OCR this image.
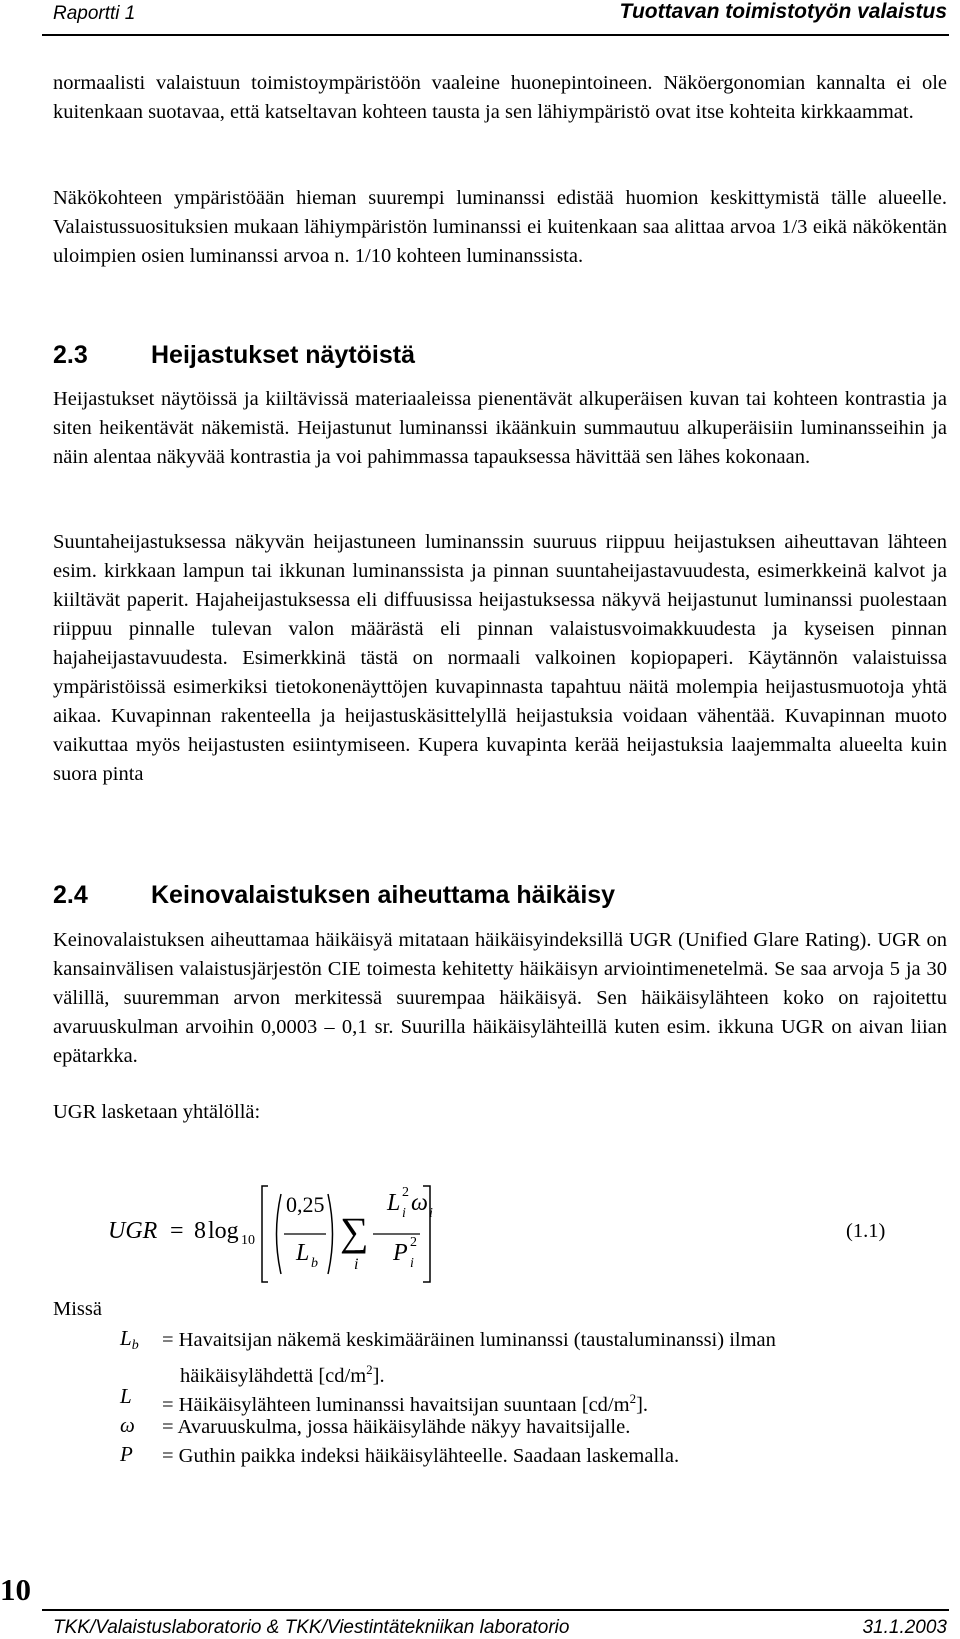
Raportti 1	Tuottavan toimistotyön valaistus

normaalisti valaistuun toimistoympäristöön vaaleine huonepintoineen. Näköergonomian kannalta ei ole kuitenkaan suotavaa, että katseltavan kohteen tausta ja sen lähiympäristö ovat itse kohteita kirkkaammat.

Näkökohteen ympäristöään hieman suurempi luminanssi edistää huomion keskittymistä tälle alueelle. Valaistussuosituksien mukaan lähiympäristön luminanssi ei kuitenkaan saa alittaa arvoa 1/3 eikä näkökentän uloimpien osien luminanssi arvoa n. 1/10 kohteen luminanssista.

2.3	Heijastukset näytöistä

Heijastukset näytöissä ja kiiltävissä materiaaleissa pienentävät alkuperäisen kuvan tai kohteen kontrastia ja siten heikentävät näkemistä. Heijastunut luminanssi ikäänkuin summautuu alkuperäisiin luminansseihin ja näin alentaa näkyvää kontrastia ja voi pahimmassa tapauksessa hävittää sen lähes kokonaan.

Suuntaheijastuksessa näkyvän heijastuneen luminanssin suuruus riippuu heijastuksen aiheuttavan lähteen esim. kirkkaan lampun tai ikkunan luminanssista ja pinnan suuntaheijastavuudesta, esimerkkeinä kalvot ja kiiltävät paperit. Hajaheijastuksessa eli diffuusissa heijastuksessa näkyvä heijastunut luminanssi puolestaan riippuu pinnalle tulevan valon määrästä eli pinnan valaistusvoimakkuudesta ja kyseisen pinnan hajaheijastavuudesta. Esimerkkinä tästä on normaali valkoinen kopiopaperi. Käytännön valaistuissa ympäristöissä esimerkiksi tietokonenäyttöjen kuvapinnasta tapahtuu näitä molempia heijastusmuotoja yhtä aikaa. Kuvapinnan rakenteella ja heijastuskäsittelyllä heijastuksia voidaan vähentää. Kuvapinnan muoto vaikuttaa myös heijastusten esiintymiseen. Kupera kuvapinta kerää heijastuksia laajemmalta alueelta kuin suora pinta

2.4	Keinovalaistuksen aiheuttama häikäisy

Keinovalaistuksen aiheuttamaa häikäisyä mitataan häikäisyindeksillä UGR (Unified Glare Rating). UGR on kansainvälisen valaistusjärjestön CIE toimesta kehitetty häikäisyn arviointimenetelmä. Se saa arvoja 5 ja 30 välillä, suuremman arvon merkitessä suurempaa häikäisyä. Sen häikäisylähteen koko on rajoitettu avaruuskulman arvoihin 0,0003 – 0,1 sr. Suurilla häikäisylähteillä kuten esim. ikkuna UGR on aivan liian epätarkka.

UGR lasketaan yhtälöllä:

UGR = 8 log 10
0,25
L b
∑
i
L 2
i ω i
P 2
i
(1.1)
Missä
Lb = Havaitsijan näkemä keskimääräinen luminanssi (taustaluminanssi) ilman
häikäisylähdettä $[cd/m^2]$.
L = Häikäisylähteen luminanssi havaitsijan suuntaan $[cd/m^2]$.
ω = Avaruuskulma, jossa häikäisylähde näkyy havaitsijalle.
P = Guthin paikka indeksi häikäisylähteelle. Saadaan laskemalla.
10
TKK/Valaistuslaboratorio & TKK/Viestintätekniikan laboratorio	31.1.2003
